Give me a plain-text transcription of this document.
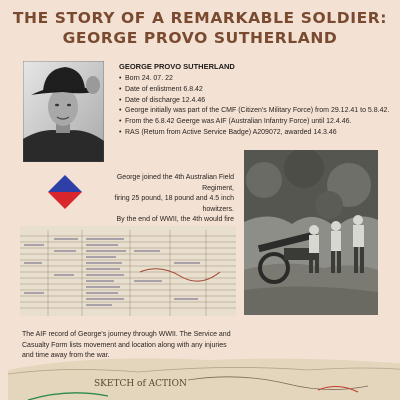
THE STORY OF A REMARKABLE SOLDIER:
GEORGE PROVO SUTHERLAND
GEORGE PROVO SUTHERLAND
• Born 24. 07. 22
• Date of enlistment 6.8.42
• Date of discharge 12.4.46
• George initially was part of the CMF (Citizen's Military Force) from 29.12.41 to 5.8.42.
• From the 6.8.42 Geerge was AIF (Australian Infantry Force) until 12.4.46.
• RAS (Return from Active Service Badge) A209072, awarded 14.3.46
George joined the 4th Australian Field Regiment,
firing 25 pound, 18 pound and 4.5 inch howitzers.
By the end of WWII, the 4th would fire
The AIF record of George's journey through WWII. The Service and
Casualty Form lists movement and location along with any injuries
and time away from the war.
SKETCH of ACTION
